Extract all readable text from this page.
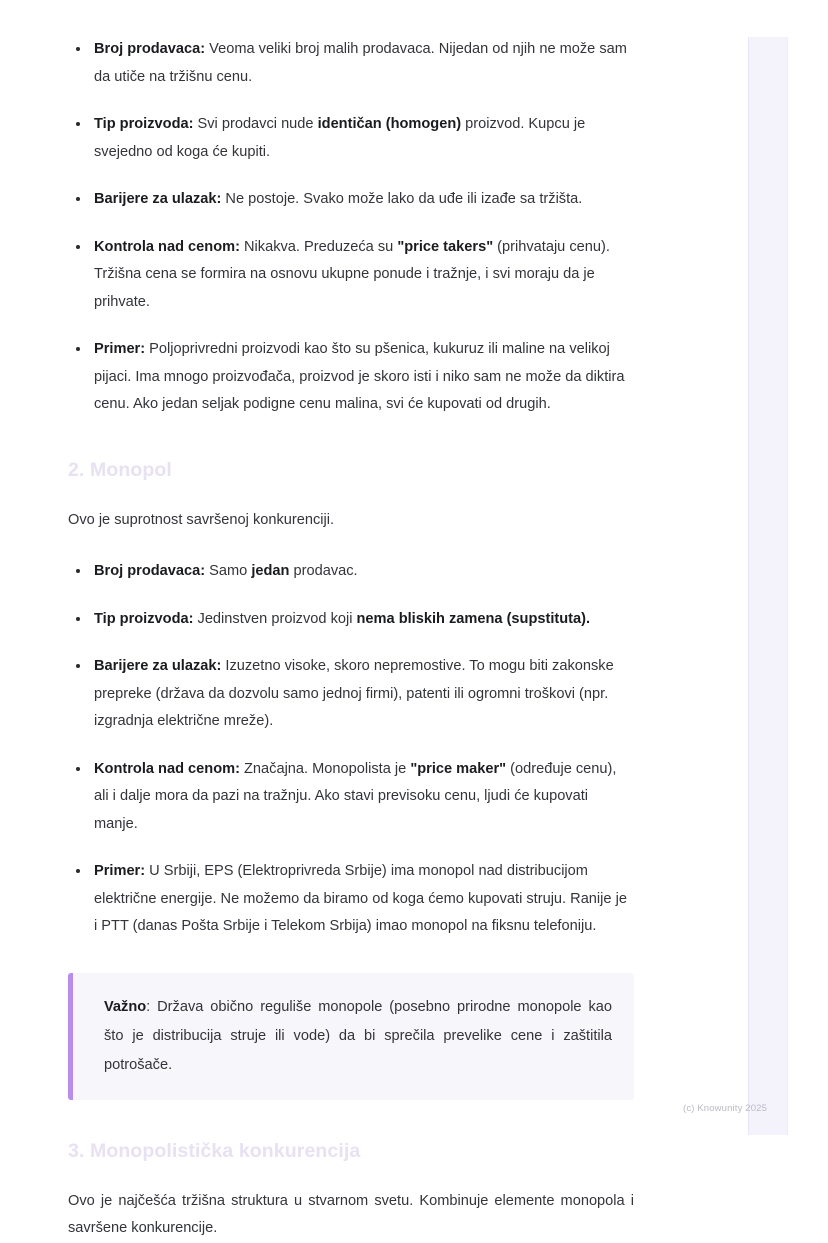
Broj prodavaca: Veoma veliki broj malih prodavaca. Nijedan od njih ne može sam da utiče na tržišnu cenu.
Tip proizvoda: Svi prodavci nude identičan (homogen) proizvod. Kupcu je svejedno od koga će kupiti.
Barijere za ulazak: Ne postoje. Svako može lako da uđe ili izađe sa tržišta.
Kontrola nad cenom: Nikakva. Preduzeća su "price takers" (prihvataju cenu). Tržišna cena se formira na osnovu ukupne ponude i tražnje, i svi moraju da je prihvate.
Primer: Poljoprivredni proizvodi kao što su pšenica, kukuruz ili maline na velikoj pijaci. Ima mnogo proizvođača, proizvod je skoro isti i niko sam ne može da diktira cenu. Ako jedan seljak podigne cenu malina, svi će kupovati od drugih.
2. Monopol

Ovo je suprotnost savršenoj konkurenciji.

Broj prodavaca: Samo jedan prodavac.
Tip proizvoda: Jedinstven proizvod koji nema bliskih zamena (supstituta).
Barijere za ulazak: Izuzetno visoke, skoro nepremostive. To mogu biti zakonske prepreke (država da dozvolu samo jednoj firmi), patenti ili ogromni troškovi (npr. izgradnja električne mreže).
Kontrola nad cenom: Značajna. Monopolista je "price maker" (određuje cenu), ali i dalje mora da pazi na tražnju. Ako stavi previsoku cenu, ljudi će kupovati manje.
Primer: U Srbiji, EPS (Elektroprivreda Srbije) ima monopol nad distribucijom električne energije. Ne možemo da biramo od koga ćemo kupovati struju. Ranije je i PTT (danas Pošta Srbije i Telekom Srbija) imao monopol na fiksnu telefoniju.
Važno: Država obično reguliše monopole (posebno prirodne monopole kao što je distribucija struje ili vode) da bi sprečila prevelike cene i zaštitila potrošače.
3. Monopolistička konkurencija

Ovo je najčešća tržišna struktura u stvarnom svetu. Kombinuje elemente monopola i savršene konkurencije.

(c) Knowunity 2025
